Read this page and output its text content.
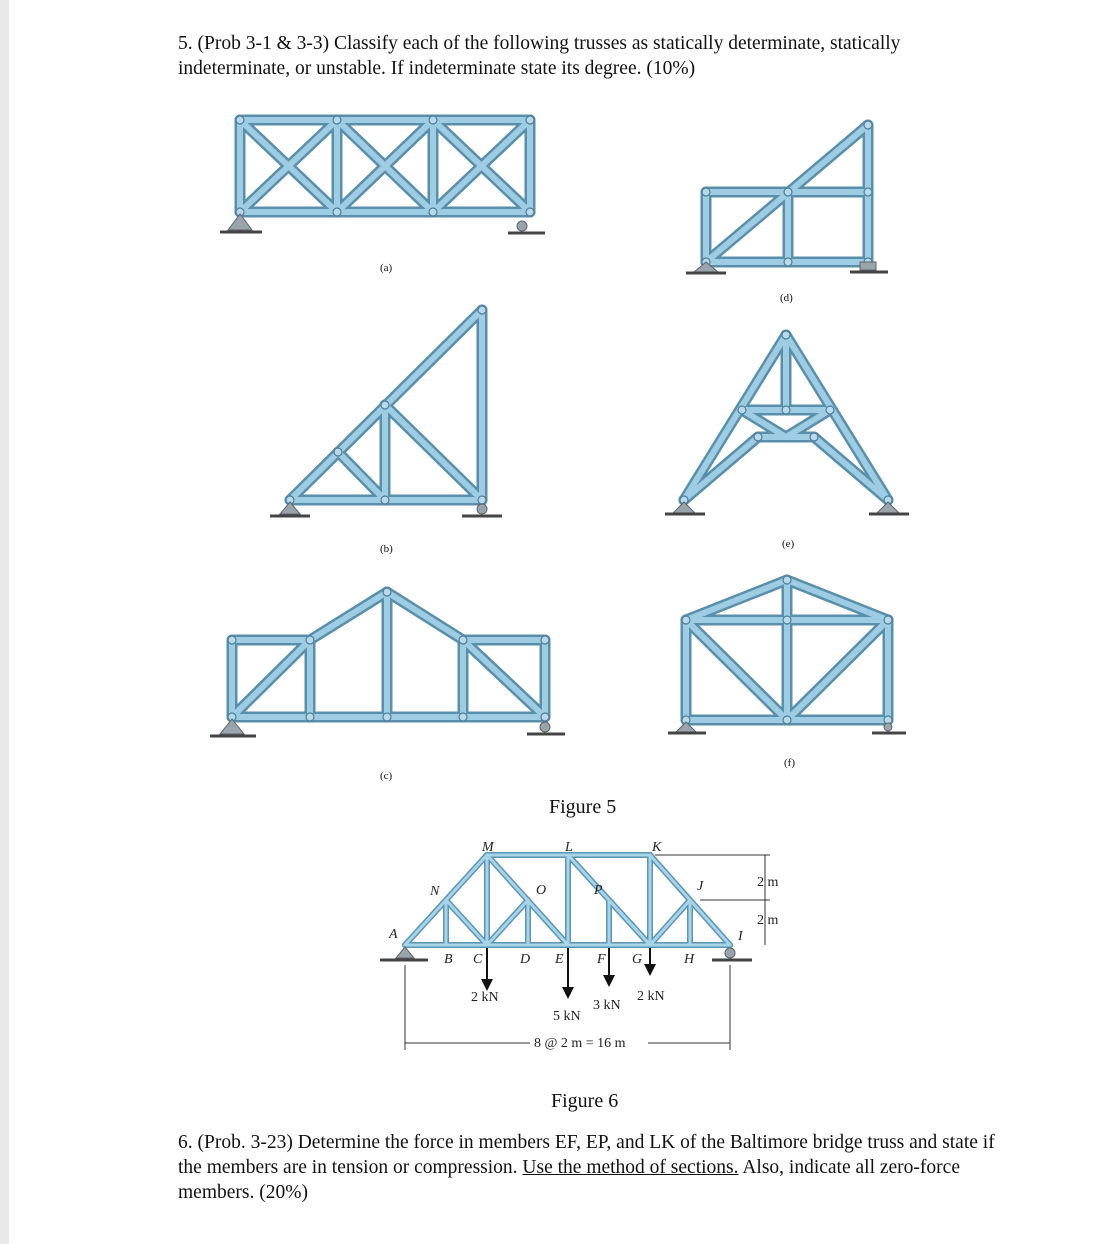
5. (Prob 3-1 & 3-3) Classify each of the following trusses as statically determinate, statically indeterminate, or unstable. If indeterminate state its degree. (10%)
(a)
(d)
(b)	(e)
(c)
(f)
Figure 5
M	L	K
N	O	P	J
A
B C	D E F G	H
I
2 kN
5 kN
3 kN
2 kN
2 m
2 m
8 @ 2 m = 16 m
Figure 6
6. (Prob. 3-23) Determine the force in members EF, EP, and LK of the Baltimore bridge truss and state if the members are in tension or compression. Use the method of sections. Also, indicate all zero-force members. (20%)
